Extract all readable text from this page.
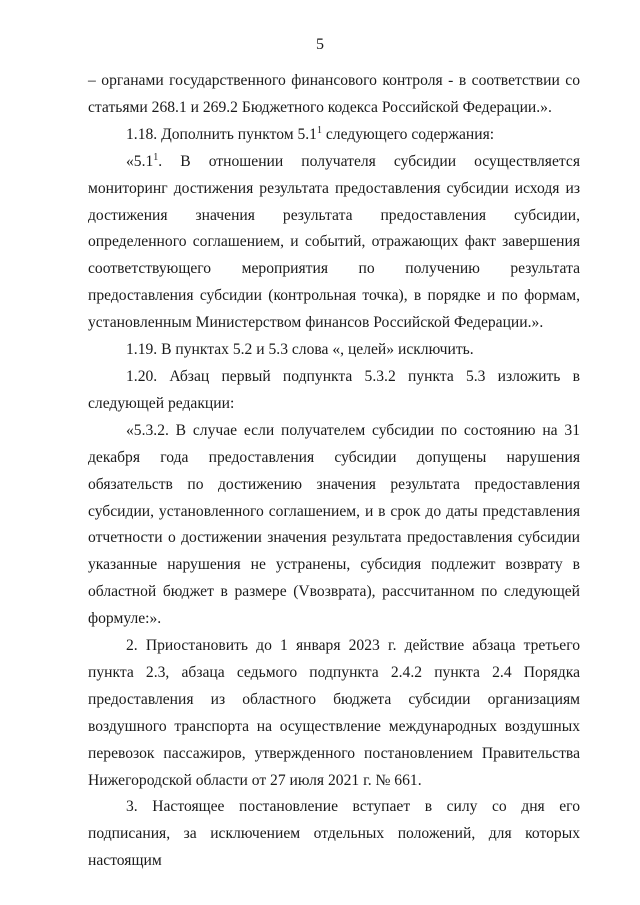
5

– органами государственного финансового контроля - в соответствии со статьями 268.1 и 269.2 Бюджетного кодекса Российской Федерации.».

1.18. Дополнить пунктом $5.1^1$ следующего содержания:

«$5.1^1$. В отношении получателя субсидии осуществляется мониторинг достижения результата предоставления субсидии исходя из достижения значения результата предоставления субсидии, определенного соглашением, и событий, отражающих факт завершения соответствующего мероприятия по получению результата предоставления субсидии (контрольная точка), в порядке и по формам, установленным Министерством финансов Российской Федерации.».

1.19. В пунктах 5.2 и 5.3 слова «, целей» исключить.

1.20. Абзац первый подпункта 5.3.2 пункта 5.3 изложить в следующей редакции:

«5.3.2. В случае если получателем субсидии по состоянию на 31 декабря года предоставления субсидии допущены нарушения обязательств по достижению значения результата предоставления субсидии, установленного соглашением, и в срок до даты представления отчетности о достижении значения результата предоставления субсидии указанные нарушения не устранены, субсидия подлежит возврату в областной бюджет в размере (Vвозврата), рассчитанном по следующей формуле:».

2. Приостановить до 1 января 2023 г. действие абзаца третьего пункта 2.3, абзаца седьмого подпункта 2.4.2 пункта 2.4 Порядка предоставления из областного бюджета субсидии организациям воздушного транспорта на осуществление международных воздушных перевозок пассажиров, утвержденного постановлением Правительства Нижегородской области от 27 июля 2021 г. № 661.

3. Настоящее постановление вступает в силу со дня его подписания, за исключением отдельных положений, для которых настоящим
